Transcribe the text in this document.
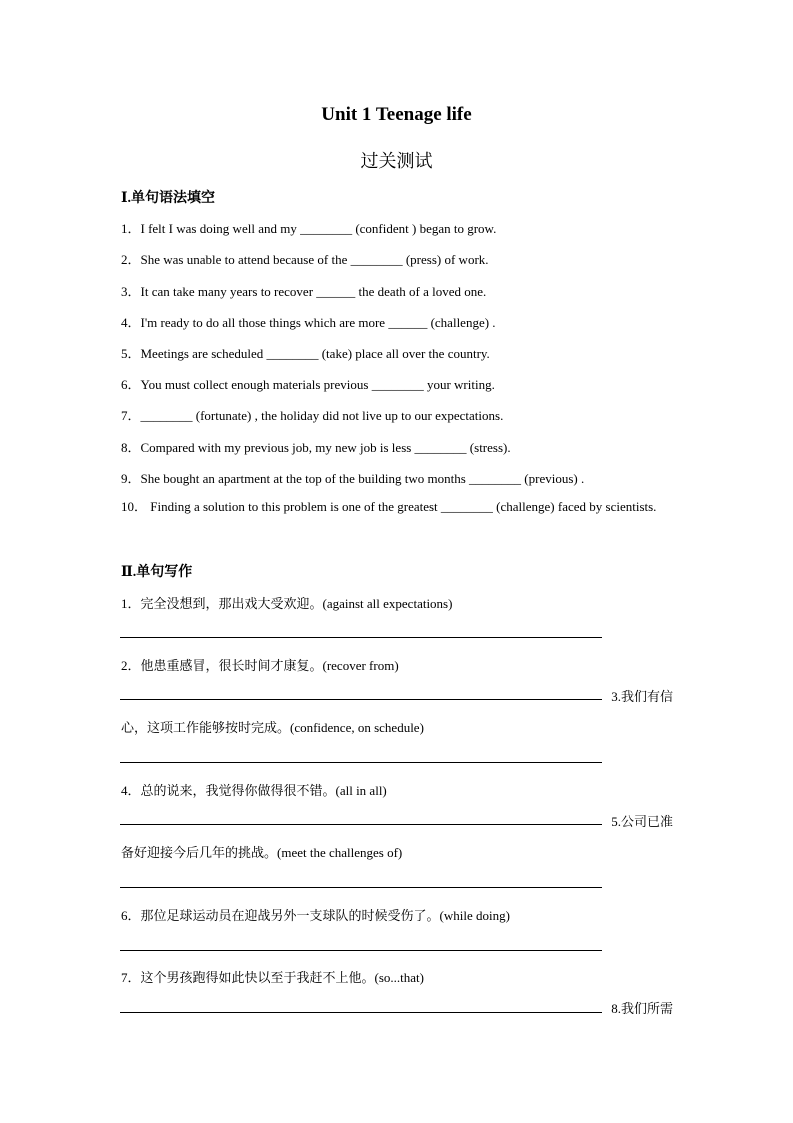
Unit 1 Teenage life
过关测试
Ⅰ.单句语法填空
1．I felt I was doing well and my ________ (confident ) began to grow.
2．She was unable to attend because of the ________ (press) of work.
3．It can take many years to recover ______ the death of a loved one.
4．I'm ready to do all those things which are more ______ (challenge) .
5．Meetings are scheduled ________ (take) place all over the country.
6．You must collect enough materials previous ________ your writing.
7．________ (fortunate) , the holiday did not live up to our expectations.
8．Compared with my previous job, my new job is less ________ (stress).
9．She bought an apartment at the top of the building two months ________ (previous) .
10． Finding a solution to this problem is one of the greatest ________ (challenge) faced by scientists.
Ⅱ.单句写作
1．完全没想到，那出戏大受欢迎。(against all expectations)
2．他患重感冒，很长时间才康复。(recover from)
3.我们有信
心，这项工作能够按时完成。(confidence, on schedule)
4．总的说来，我觉得你做得很不错。(all in all)
5.公司已准
备好迎接今后几年的挑战。(meet the challenges of)
6．那位足球运动员在迎战另外一支球队的时候受伤了。(while doing)
7．这个男孩跑得如此快以至于我赶不上他。(so...that)
8.我们所需
